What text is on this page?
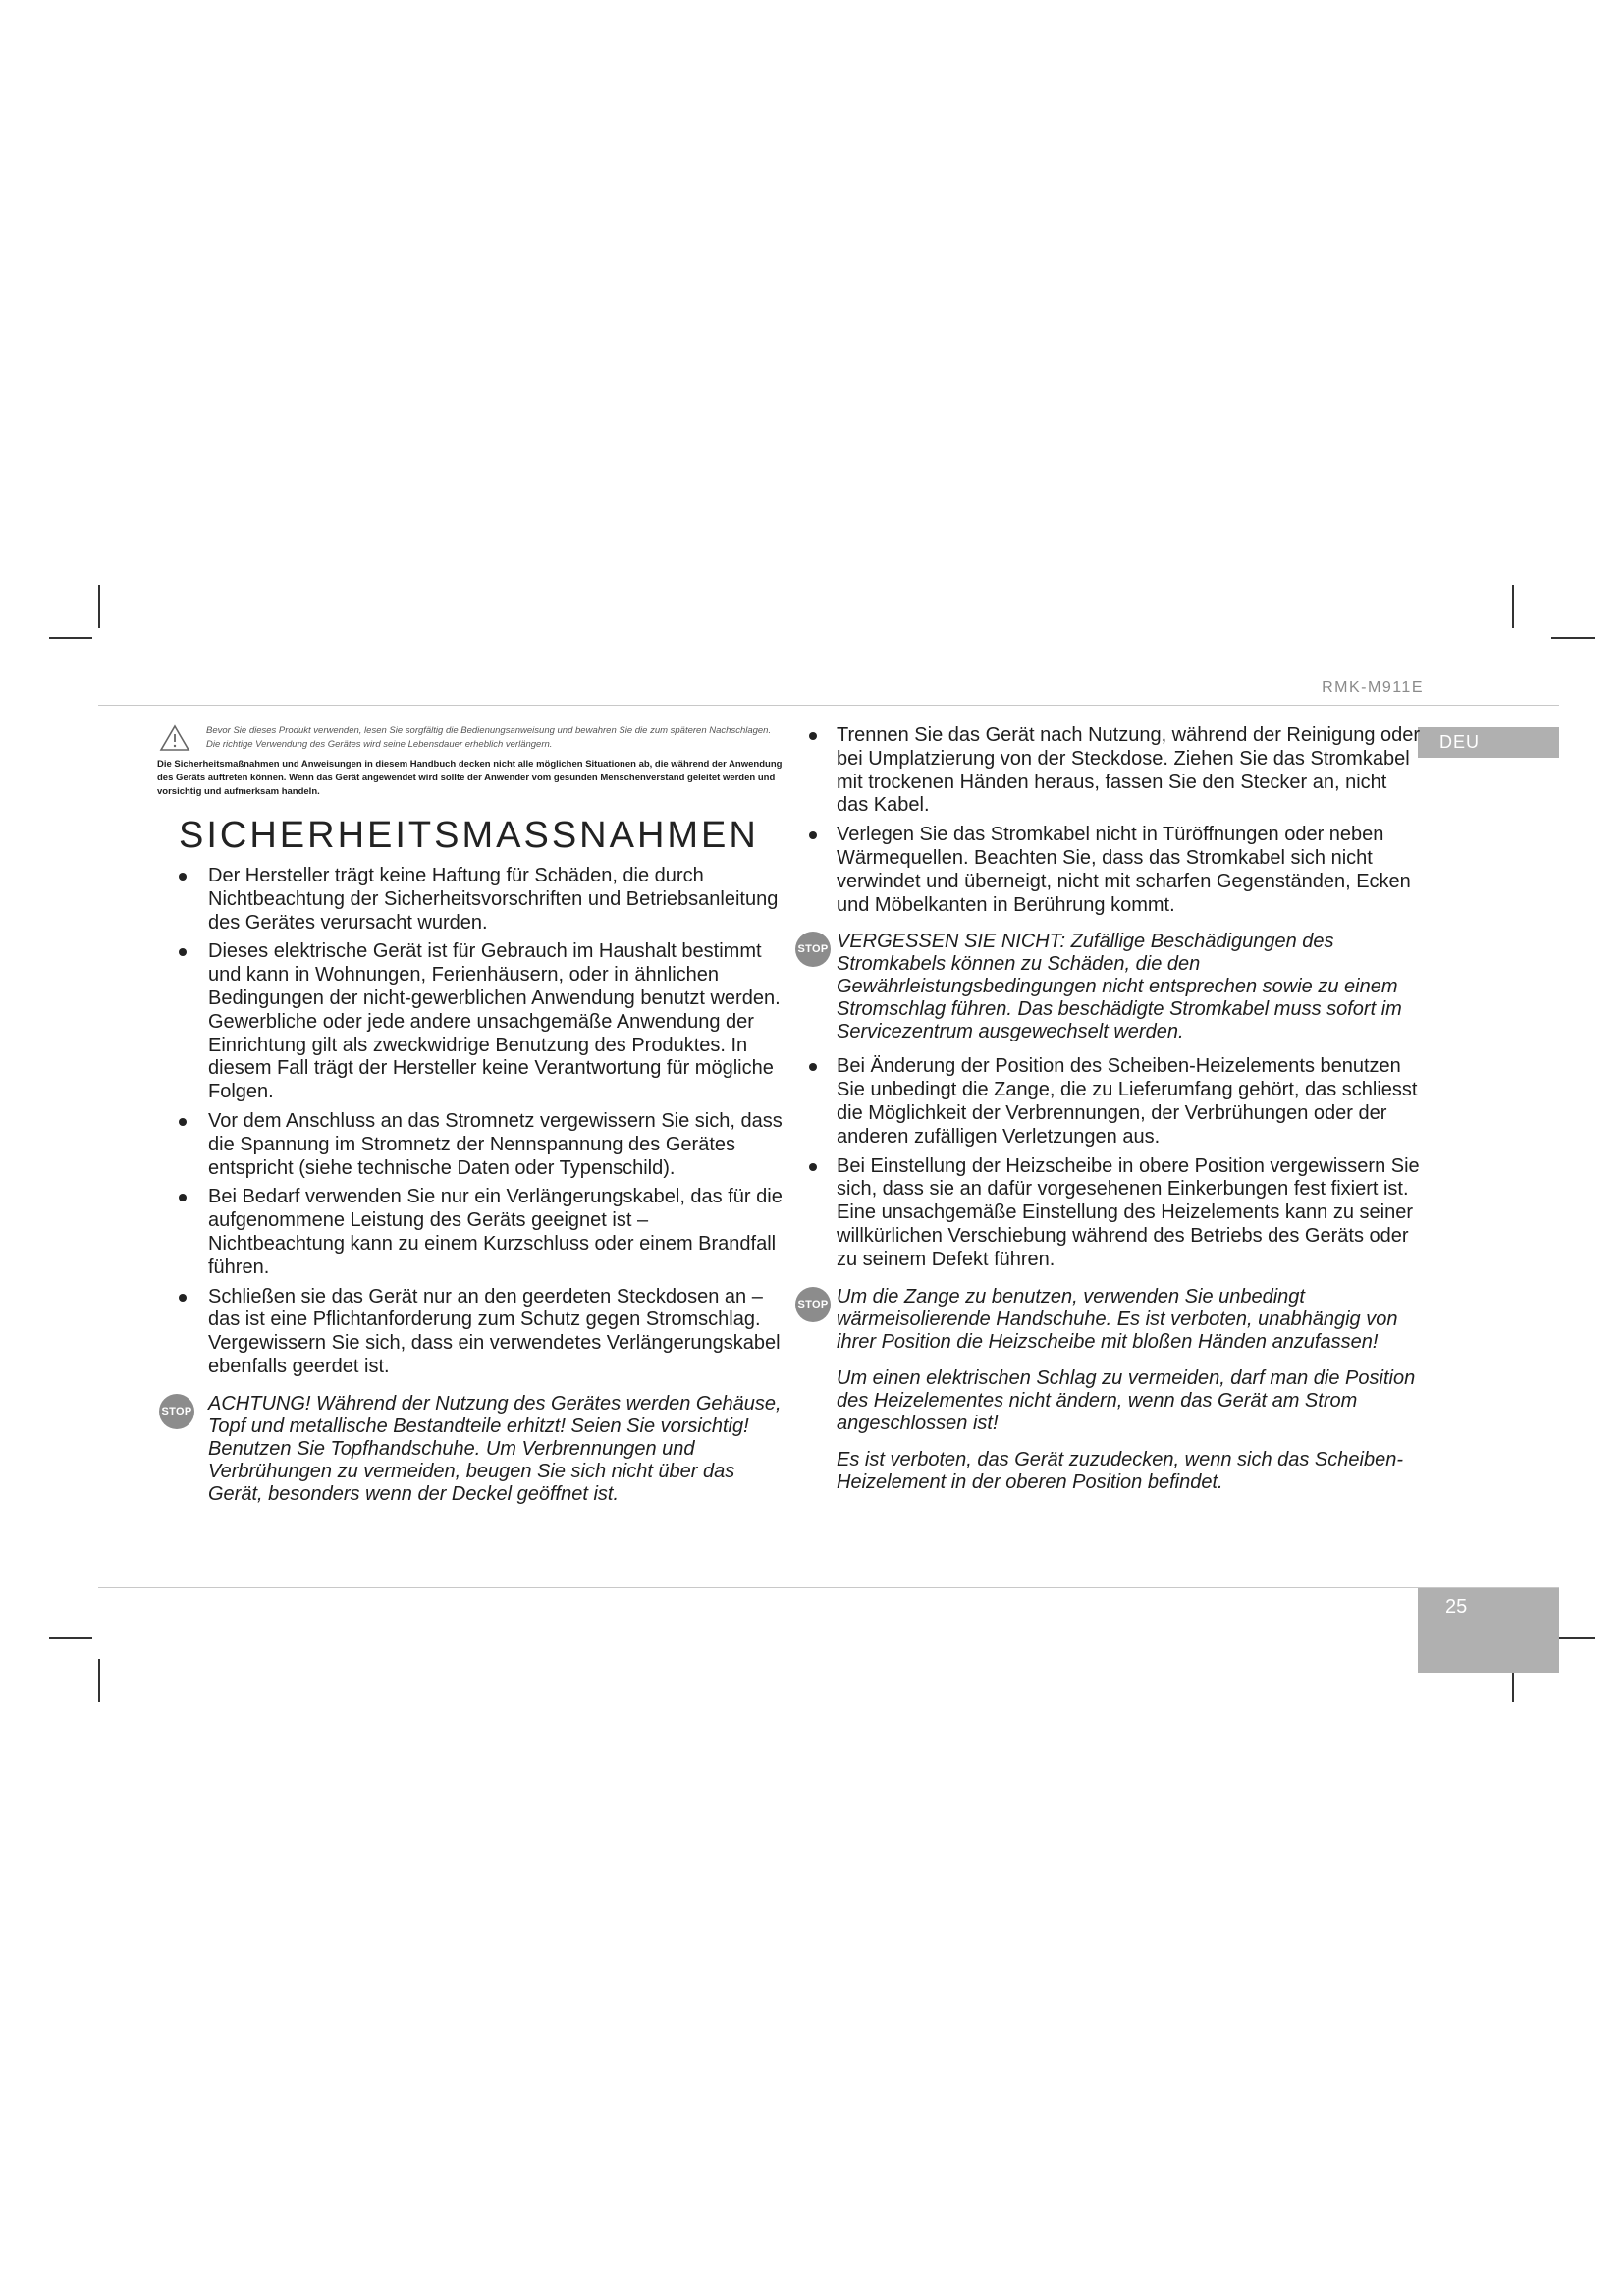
RMK-M911E
DEU

Bevor Sie dieses Produkt verwenden, lesen Sie sorgfältig die Bedienungsanweisung und bewahren Sie die zum späteren Nachschlagen. Die richtige Verwendung des Gerätes wird seine Lebensdauer erheblich verlängern.

Die Sicherheitsmaßnahmen und Anweisungen in diesem Handbuch decken nicht alle möglichen Situationen ab, die während der Anwendung des Geräts auftreten können. Wenn das Gerät angewendet wird sollte der Anwender vom gesunden Menschenverstand geleitet werden und vorsichtig und aufmerksam handeln.

SICHERHEITSMASSNAHMEN
Der Hersteller trägt keine Haftung für Schäden, die durch Nichtbeachtung der Sicherheitsvorschriften und Betriebsanleitung des Gerätes verursacht wurden.
Dieses elektrische Gerät ist für Gebrauch im Haushalt bestimmt und kann in Wohnungen, Ferienhäusern, oder in ähnlichen Bedingungen der nicht-gewerblichen Anwendung benutzt werden. Gewerbliche oder jede andere unsachgemäße Anwendung der Einrichtung gilt als zweckwidrige Benutzung des Produktes. In diesem Fall trägt der Hersteller keine Verantwortung für mögliche Folgen.
Vor dem Anschluss an das Stromnetz vergewissern Sie sich, dass die Spannung im Stromnetz der Nennspannung des Gerätes entspricht (siehe technische Daten oder Typenschild).
Bei Bedarf verwenden Sie nur ein Verlängerungskabel, das für die aufgenommene Leistung des Geräts geeignet ist – Nichtbeachtung kann zu einem Kurzschluss oder einem Brandfall führen.
Schließen sie das Gerät nur an den geerdeten Steckdosen an – das ist eine Pflichtanforderung zum Schutz gegen Stromschlag. Vergewissern Sie sich, dass ein verwendetes Verlängerungskabel ebenfalls geerdet ist.
STOP ACHTUNG! Während der Nutzung des Gerätes werden Gehäuse, Topf und metallische Bestandteile erhitzt! Seien Sie vorsichtig! Benutzen Sie Topfhandschuhe. Um Verbrennungen und Verbrühungen zu vermeiden, beugen Sie sich nicht über das Gerät, besonders wenn der Deckel geöffnet ist.

Trennen Sie das Gerät nach Nutzung, während der Reinigung oder bei Umplatzierung von der Steckdose. Ziehen Sie das Stromkabel mit trockenen Händen heraus, fassen Sie den Stecker an, nicht das Kabel.
Verlegen Sie das Stromkabel nicht in Türöffnungen oder neben Wärmequellen. Beachten Sie, dass das Stromkabel sich nicht verwindet und überneigt, nicht mit scharfen Gegenständen, Ecken und Möbelkanten in Berührung kommt.
STOP VERGESSEN SIE NICHT: Zufällige Beschädigungen des Stromkabels können zu Schäden, die den Gewährleistungsbedingungen nicht entsprechen sowie zu einem Stromschlag führen. Das beschädigte Stromkabel muss sofort im Servicezentrum ausgewechselt werden.

Bei Änderung der Position des Scheiben-Heizelements benutzen Sie unbedingt die Zange, die zu Lieferumfang gehört, das schliesst die Möglichkeit der Verbrennungen, der Verbrühungen oder der anderen zufälligen Verletzungen aus.
Bei Einstellung der Heizscheibe in obere Position vergewissern Sie sich, dass sie an dafür vorgesehenen Einkerbungen fest fixiert ist. Eine unsachgemäße Einstellung des Heizelements kann zu seiner willkürlichen Verschiebung während des Betriebs des Geräts oder zu seinem Defekt führen.
STOP Um die Zange zu benutzen, verwenden Sie unbedingt wärmeisolierende Handschuhe. Es ist verboten, unabhängig von ihrer Position die Heizscheibe mit bloßen Händen anzufassen!

Um einen elektrischen Schlag zu vermeiden, darf man die Position des Heizelementes nicht ändern, wenn das Gerät am Strom angeschlossen ist!

Es ist verboten, das Gerät zuzudecken, wenn sich das Scheiben-Heizelement in der oberen Position befindet.

25
